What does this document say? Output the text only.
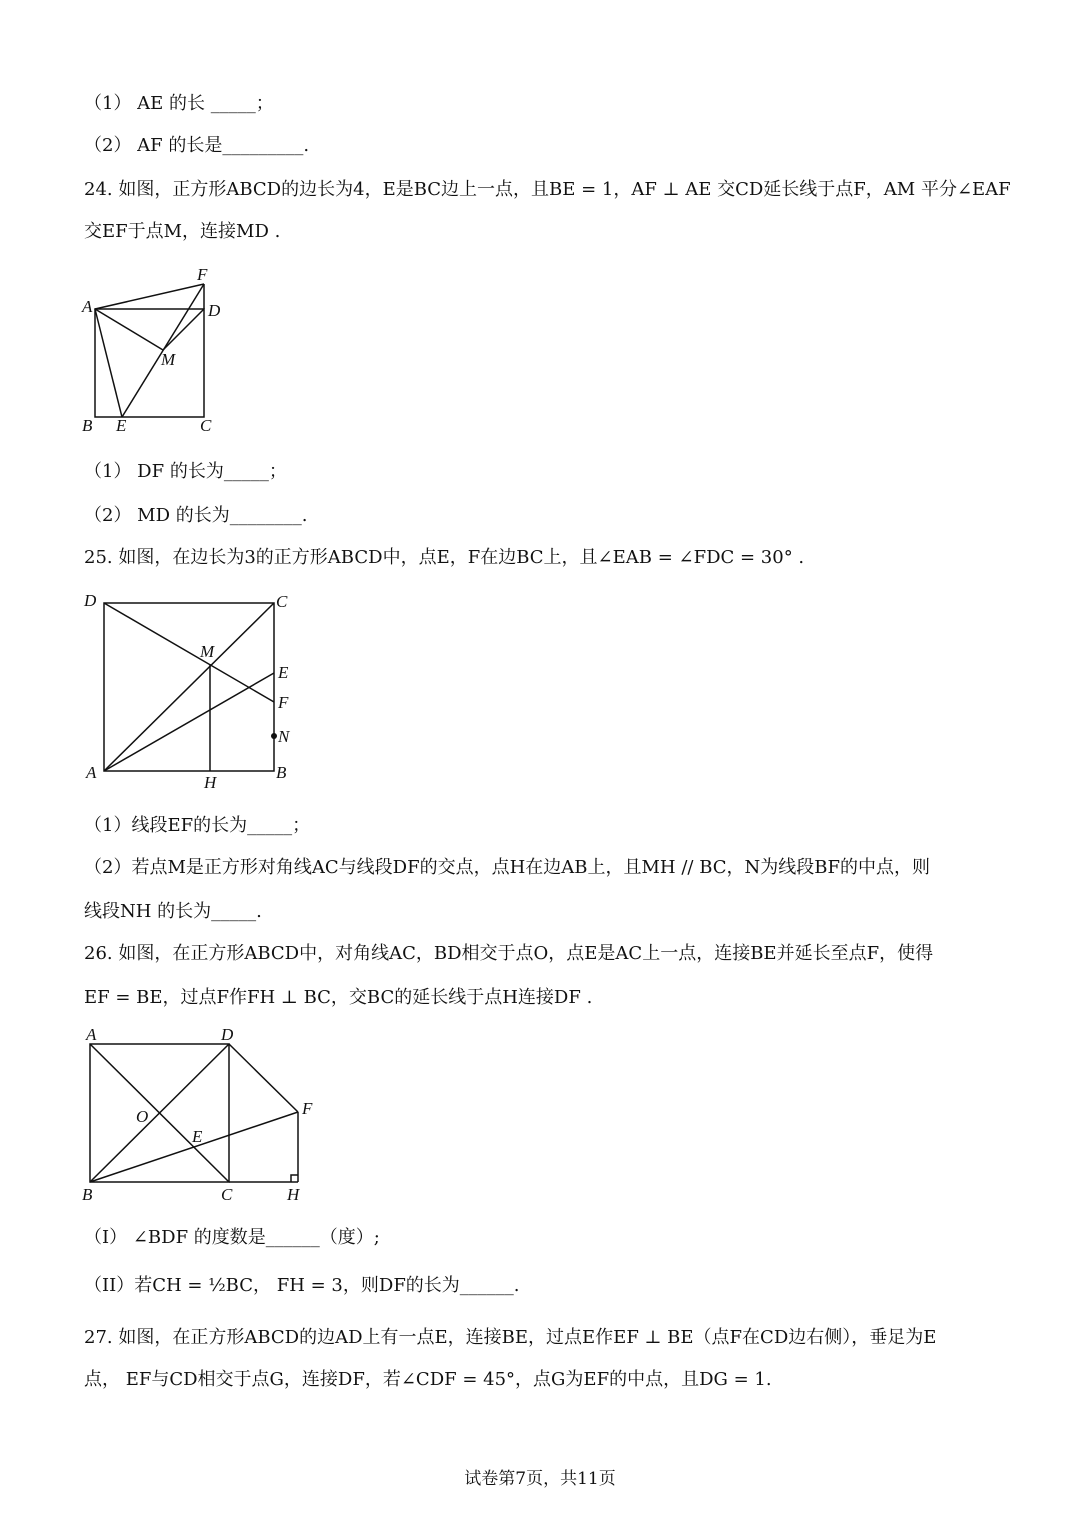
（1） AE 的长 _____；
（2） AF 的长是_________.
24. 如图，正方形ABCD的边长为4，E是BC边上一点，且BE = 1，AF ⊥ AE 交CD延长线于点F，AM 平分∠EAF
交EF于点M，连接MD .
A	D
F
M
B E	C
（1） DF 的长为_____；
（2） MD 的长为________.
25. 如图，在边长为3的正方形ABCD中，点E，F在边BC上，且∠EAB = ∠FDC = 30° .
D	C
M
E
F
N
A
H
B
（1）线段EF的长为_____；
（2）若点M是正方形对角线AC与线段DF的交点，点H在边AB上，且MH // BC，N为线段BF的中点，则
线段NH 的长为_____.
26. 如图，在正方形ABCD中，对角线AC，BD相交于点O，点E是AC上一点，连接BE并延长至点F，使得
EF = BE，过点F作FH ⊥ BC，交BC的延长线于点H连接DF .
A	D
O
E
F
B	C	H
（I） ∠BDF 的度数是______（度）;
（II）若CH = ½BC， FH = 3，则DF的长为______.
27. 如图，在正方形ABCD的边AD上有一点E，连接BE，过点E作EF ⊥ BE（点F在CD边右侧），垂足为E
点， EF与CD相交于点G，连接DF，若∠CDF = 45°，点G为EF的中点，且DG = 1.
试卷第7页，共11页
